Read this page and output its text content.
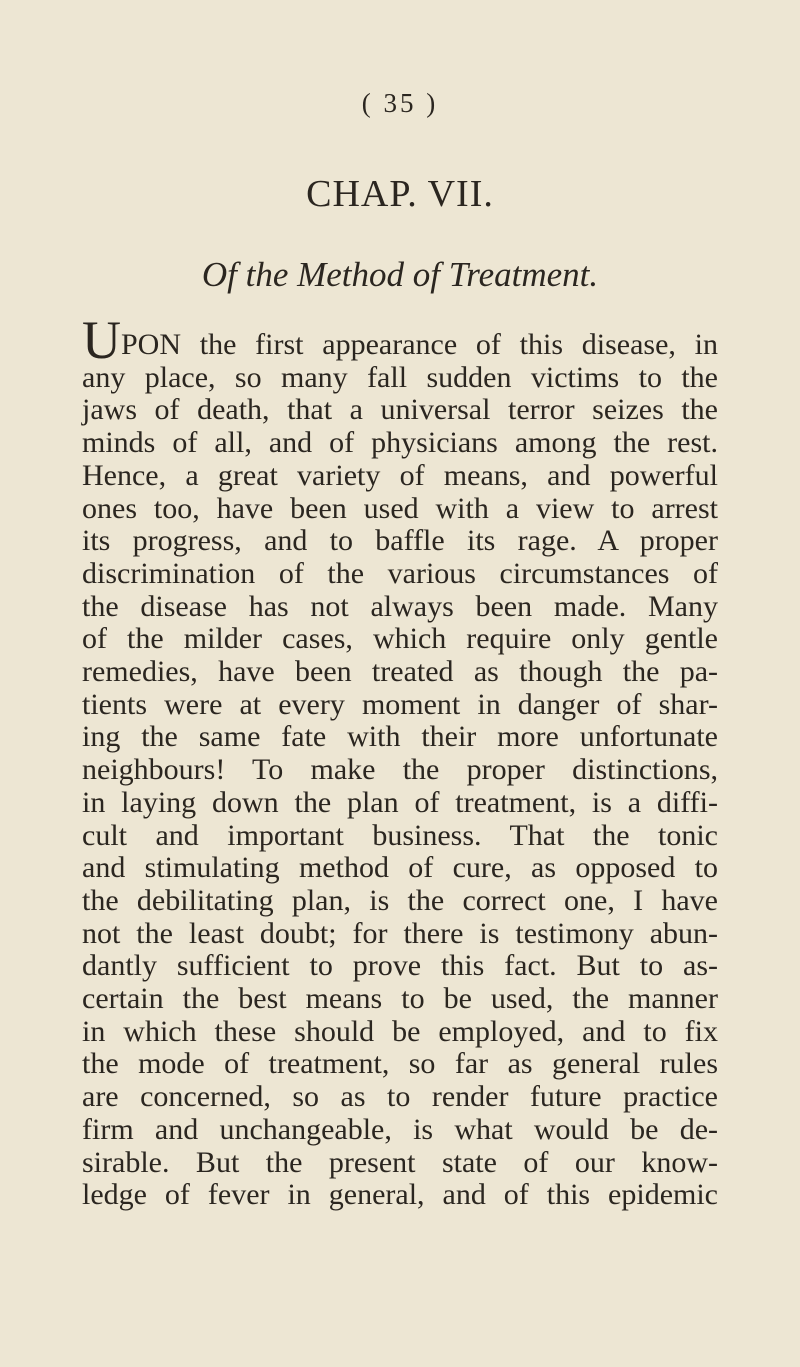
( 35 )
CHAP. VII.
Of the Method of Treatment.
UPON the first appearance of this disease, in
any place, so many fall sudden victims to the
jaws of death, that a universal terror seizes the
minds of all, and of physicians among the rest.
Hence, a great variety of means, and powerful
ones too, have been used with a view to arrest
its progress, and to baffle its rage. A proper
discrimination of the various circumstances of
the disease has not always been made. Many
of the milder cases, which require only gentle
remedies, have been treated as though the pa-
tients were at every moment in danger of shar-
ing the same fate with their more unfortunate
neighbours! To make the proper distinctions,
in laying down the plan of treatment, is a diffi-
cult and important business. That the tonic
and stimulating method of cure, as opposed to
the debilitating plan, is the correct one, I have
not the least doubt; for there is testimony abun-
dantly sufficient to prove this fact. But to as-
certain the best means to be used, the manner
in which these should be employed, and to fix
the mode of treatment, so far as general rules
are concerned, so as to render future practice
firm and unchangeable, is what would be de-
sirable. But the present state of our know-
ledge of fever in general, and of this epidemic
